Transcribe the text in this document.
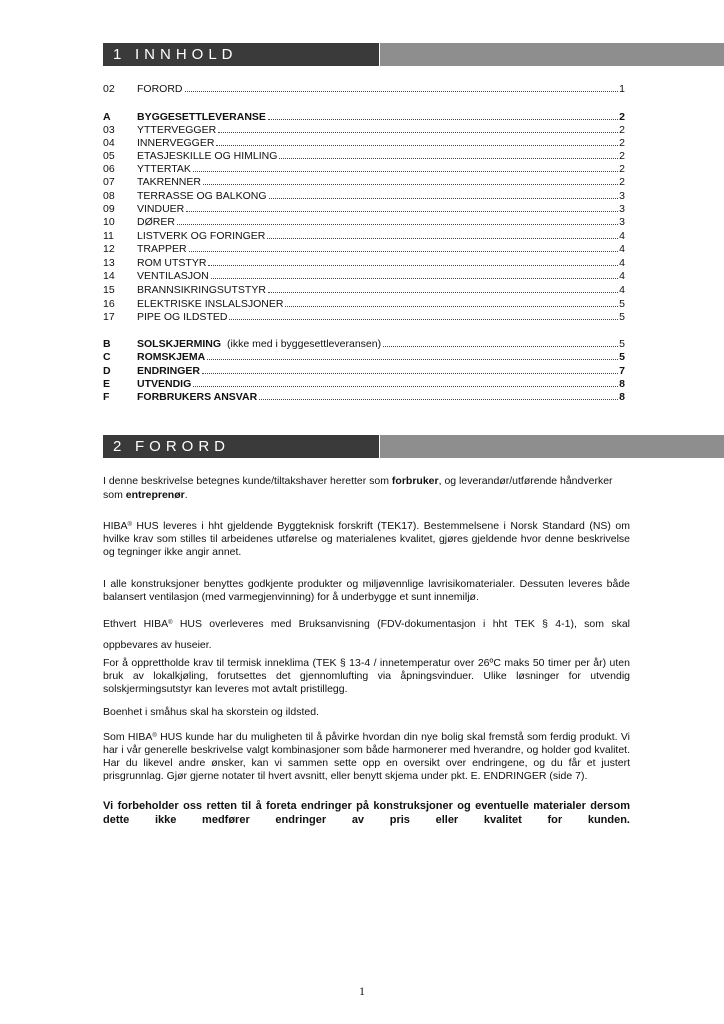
1 INNHOLD
02	FORORD	1
A	BYGGESETTLEVERANSE	2
03	YTTERVEGGER	2
04	INNERVEGGER	2
05	ETASJESKILLE OG HIMLING	2
06	YTTERTAK	2
07	TAKRENNER	2
08	TERRASSE OG BALKONG	3
09	VINDUER	3
10	DØRER	3
11	LISTVERK OG FORINGER	4
12	TRAPPER	4
13	ROM UTSTYR	4
14	VENTILASJON	4
15	BRANNSIKRINGSUTSTYR	4
16	ELEKTRISKE INSLALSJONER	5
17	PIPE OG ILDSTED	5
B	SOLSKJERMING (ikke med i byggesettleveransen)	5
C	ROMSKJEMA	5
D	ENDRINGER	7
E	UTVENDIG	8
F	FORBRUKERS ANSVAR	8
2 FORORD
I denne beskrivelse betegnes kunde/tiltakshaver heretter som forbruker, og leverandør/utførende håndverker som entreprenør.
HIBA® HUS leveres i hht gjeldende Byggteknisk forskrift (TEK17). Bestemmelsene i Norsk Standard (NS) om hvilke krav som stilles til arbeidenes utførelse og materialenes kvalitet, gjøres gjeldende hvor denne beskrivelse og tegninger ikke angir annet.
I alle konstruksjoner benyttes godkjente produkter og miljøvennlige lavrisikomaterialer. Dessuten leveres både balansert ventilasjon (med varmegjenvinning) for å underbygge et sunt innemiljø.
Ethvert HIBA® HUS overleveres med Bruksanvisning (FDV-dokumentasjon i hht TEK § 4-1), som skal oppbevares av huseier.
For å opprettholde krav til termisk inneklima (TEK § 13-4 / innetemperatur over 26ºC maks 50 timer per år) uten bruk av lokalkjøling, forutsettes det gjennomlufting via åpningsvinduer. Ulike løsninger for utvendig solskjermingsutstyr kan leveres mot avtalt pristillegg.
Boenhet i småhus skal ha skorstein og ildsted.
Som HIBA® HUS kunde har du muligheten til å påvirke hvordan din nye bolig skal fremstå som ferdig produkt. Vi har i vår generelle beskrivelse valgt kombinasjoner som både harmonerer med hverandre, og holder god kvalitet. Har du likevel andre ønsker, kan vi sammen sette opp en oversikt over endringene, og du får et justert prisgrunnlag. Gjør gjerne notater til hvert avsnitt, eller benytt skjema under pkt. E. ENDRINGER (side 7).
Vi forbeholder oss retten til å foreta endringer på konstruksjoner og eventuelle materialer dersom dette ikke medfører endringer av pris eller kvalitet for kunden.
1
